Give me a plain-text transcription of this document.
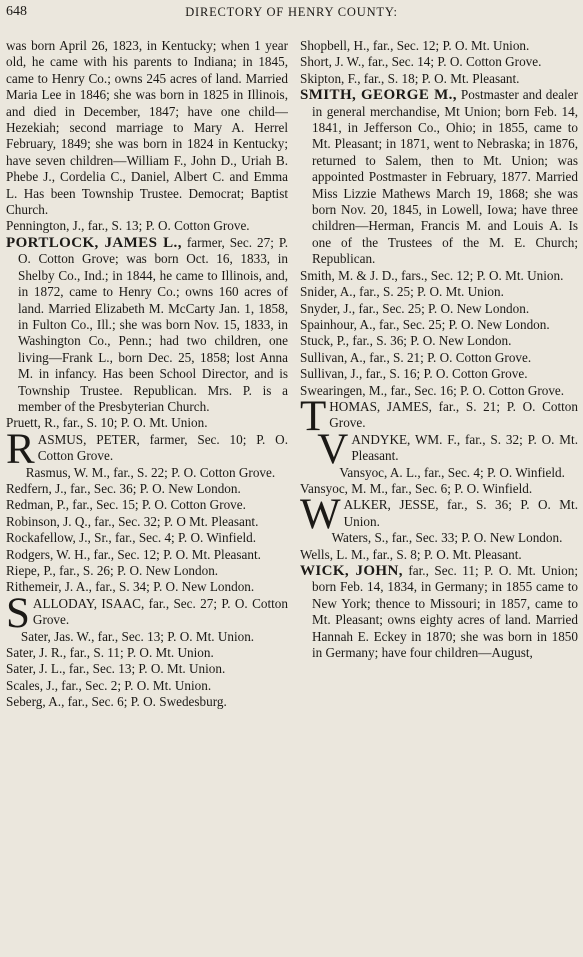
648	DIRECTORY OF HENRY COUNTY:

was born April 26, 1823, in Kentucky; when 1 year old, he came with his parents to Indiana; in 1845, came to Henry Co.; owns 245 acres of land. Married Maria Lee in 1846; she was born in 1825 in Illinois, and died in December, 1847; have one child—Hezekiah; second marriage to Mary A. Herrel February, 1849; she was born in 1824 in Kentucky; have seven children—William F., John D., Uriah B. Phebe J., Cordelia C., Daniel, Albert C. and Emma L. Has been Township Trustee. Democrat; Baptist Church.

Pennington, J., far., S. 13; P. O. Cotton Grove.

PORTLOCK, JAMES L., farmer, Sec. 27; P. O. Cotton Grove; was born Oct. 16, 1833, in Shelby Co., Ind.; in 1844, he came to Illinois, and, in 1872, came to Henry Co.; owns 160 acres of land. Married Elizabeth M. McCarty Jan. 1, 1858, in Fulton Co., Ill.; she was born Nov. 15, 1833, in Washington Co., Penn.; had two children, one living—Frank L., born Dec. 25, 1858; lost Anna M. in infancy. Has been School Director, and is Township Trustee. Republican. Mrs. P. is a member of the Presbyterian Church.

Pruett, R., far., S. 10; P. O. Mt. Union.

RASMUS, PETER, farmer, Sec. 10; P. O. Cotton Grove.

Rasmus, W. M., far., S. 22; P. O. Cotton Grove.

Redfern, J., far., Sec. 36; P. O. New London.

Redman, P., far., Sec. 15; P. O. Cotton Grove.

Robinson, J. Q., far., Sec. 32; P. O Mt. Pleasant.

Rockafellow, J., Sr., far., Sec. 4; P. O. Winfield.

Rodgers, W. H., far., Sec. 12; P. O. Mt. Pleasant.

Riepe, P., far., S. 26; P. O. New London.

Rithemeir, J. A., far., S. 34; P. O. New London.

SALLODAY, ISAAC, far., Sec. 27; P. O. Cotton Grove.

Sater, Jas. W., far., Sec. 13; P. O. Mt. Union.

Sater, J. R., far., S. 11; P. O. Mt. Union.

Sater, J. L., far., Sec. 13; P. O. Mt. Union.

Scales, J., far., Sec. 2; P. O. Mt. Union.

Seberg, A., far., Sec. 6; P. O. Swedesburg.

Shopbell, H., far., Sec. 12; P. O. Mt. Union.

Short, J. W., far., Sec. 14; P. O. Cotton Grove.

Skipton, F., far., S. 18; P. O. Mt. Pleasant.

SMITH, GEORGE M., Postmaster and dealer in general merchandise, Mt Union; born Feb. 14, 1841, in Jefferson Co., Ohio; in 1855, came to Mt. Pleasant; in 1871, went to Nebraska; in 1876, returned to Salem, then to Mt. Union; was appointed Postmaster in February, 1877. Married Miss Lizzie Mathews March 19, 1868; she was born Nov. 20, 1845, in Lowell, Iowa; have three children—Herman, Francis M. and Louis A. Is one of the Trustees of the M. E. Church; Republican.

Smith, M. & J. D., fars., Sec. 12; P. O. Mt. Union.

Snider, A., far., S. 25; P. O. Mt. Union.

Snyder, J., far., Sec. 25; P. O. New London.

Spainhour, A., far., Sec. 25; P. O. New London.

Stuck, P., far., S. 36; P. O. New London.

Sullivan, A., far., S. 21; P. O. Cotton Grove.

Sullivan, J., far., S. 16; P. O. Cotton Grove.

Swearingen, M., far., Sec. 16; P. O. Cotton Grove.

THOMAS, JAMES, far., S. 21; P. O. Cotton Grove.

VANDYKE, WM. F., far., S. 32; P. O. Mt. Pleasant.

Vansyoc, A. L., far., Sec. 4; P. O. Winfield.

Vansyoc, M. M., far., Sec. 6; P. O. Winfield.

WALKER, JESSE, far., S. 36; P. O. Mt. Union.

Waters, S., far., Sec. 33; P. O. New London.

Wells, L. M., far., S. 8; P. O. Mt. Pleasant.

WICK, JOHN, far., Sec. 11; P. O. Mt. Union; born Feb. 14, 1834, in Germany; in 1855 came to New York; thence to Missouri; in 1857, came to Mt. Pleasant; owns eighty acres of land. Married Hannah E. Eckey in 1870; she was born in 1850 in Germany; have four children—August,
